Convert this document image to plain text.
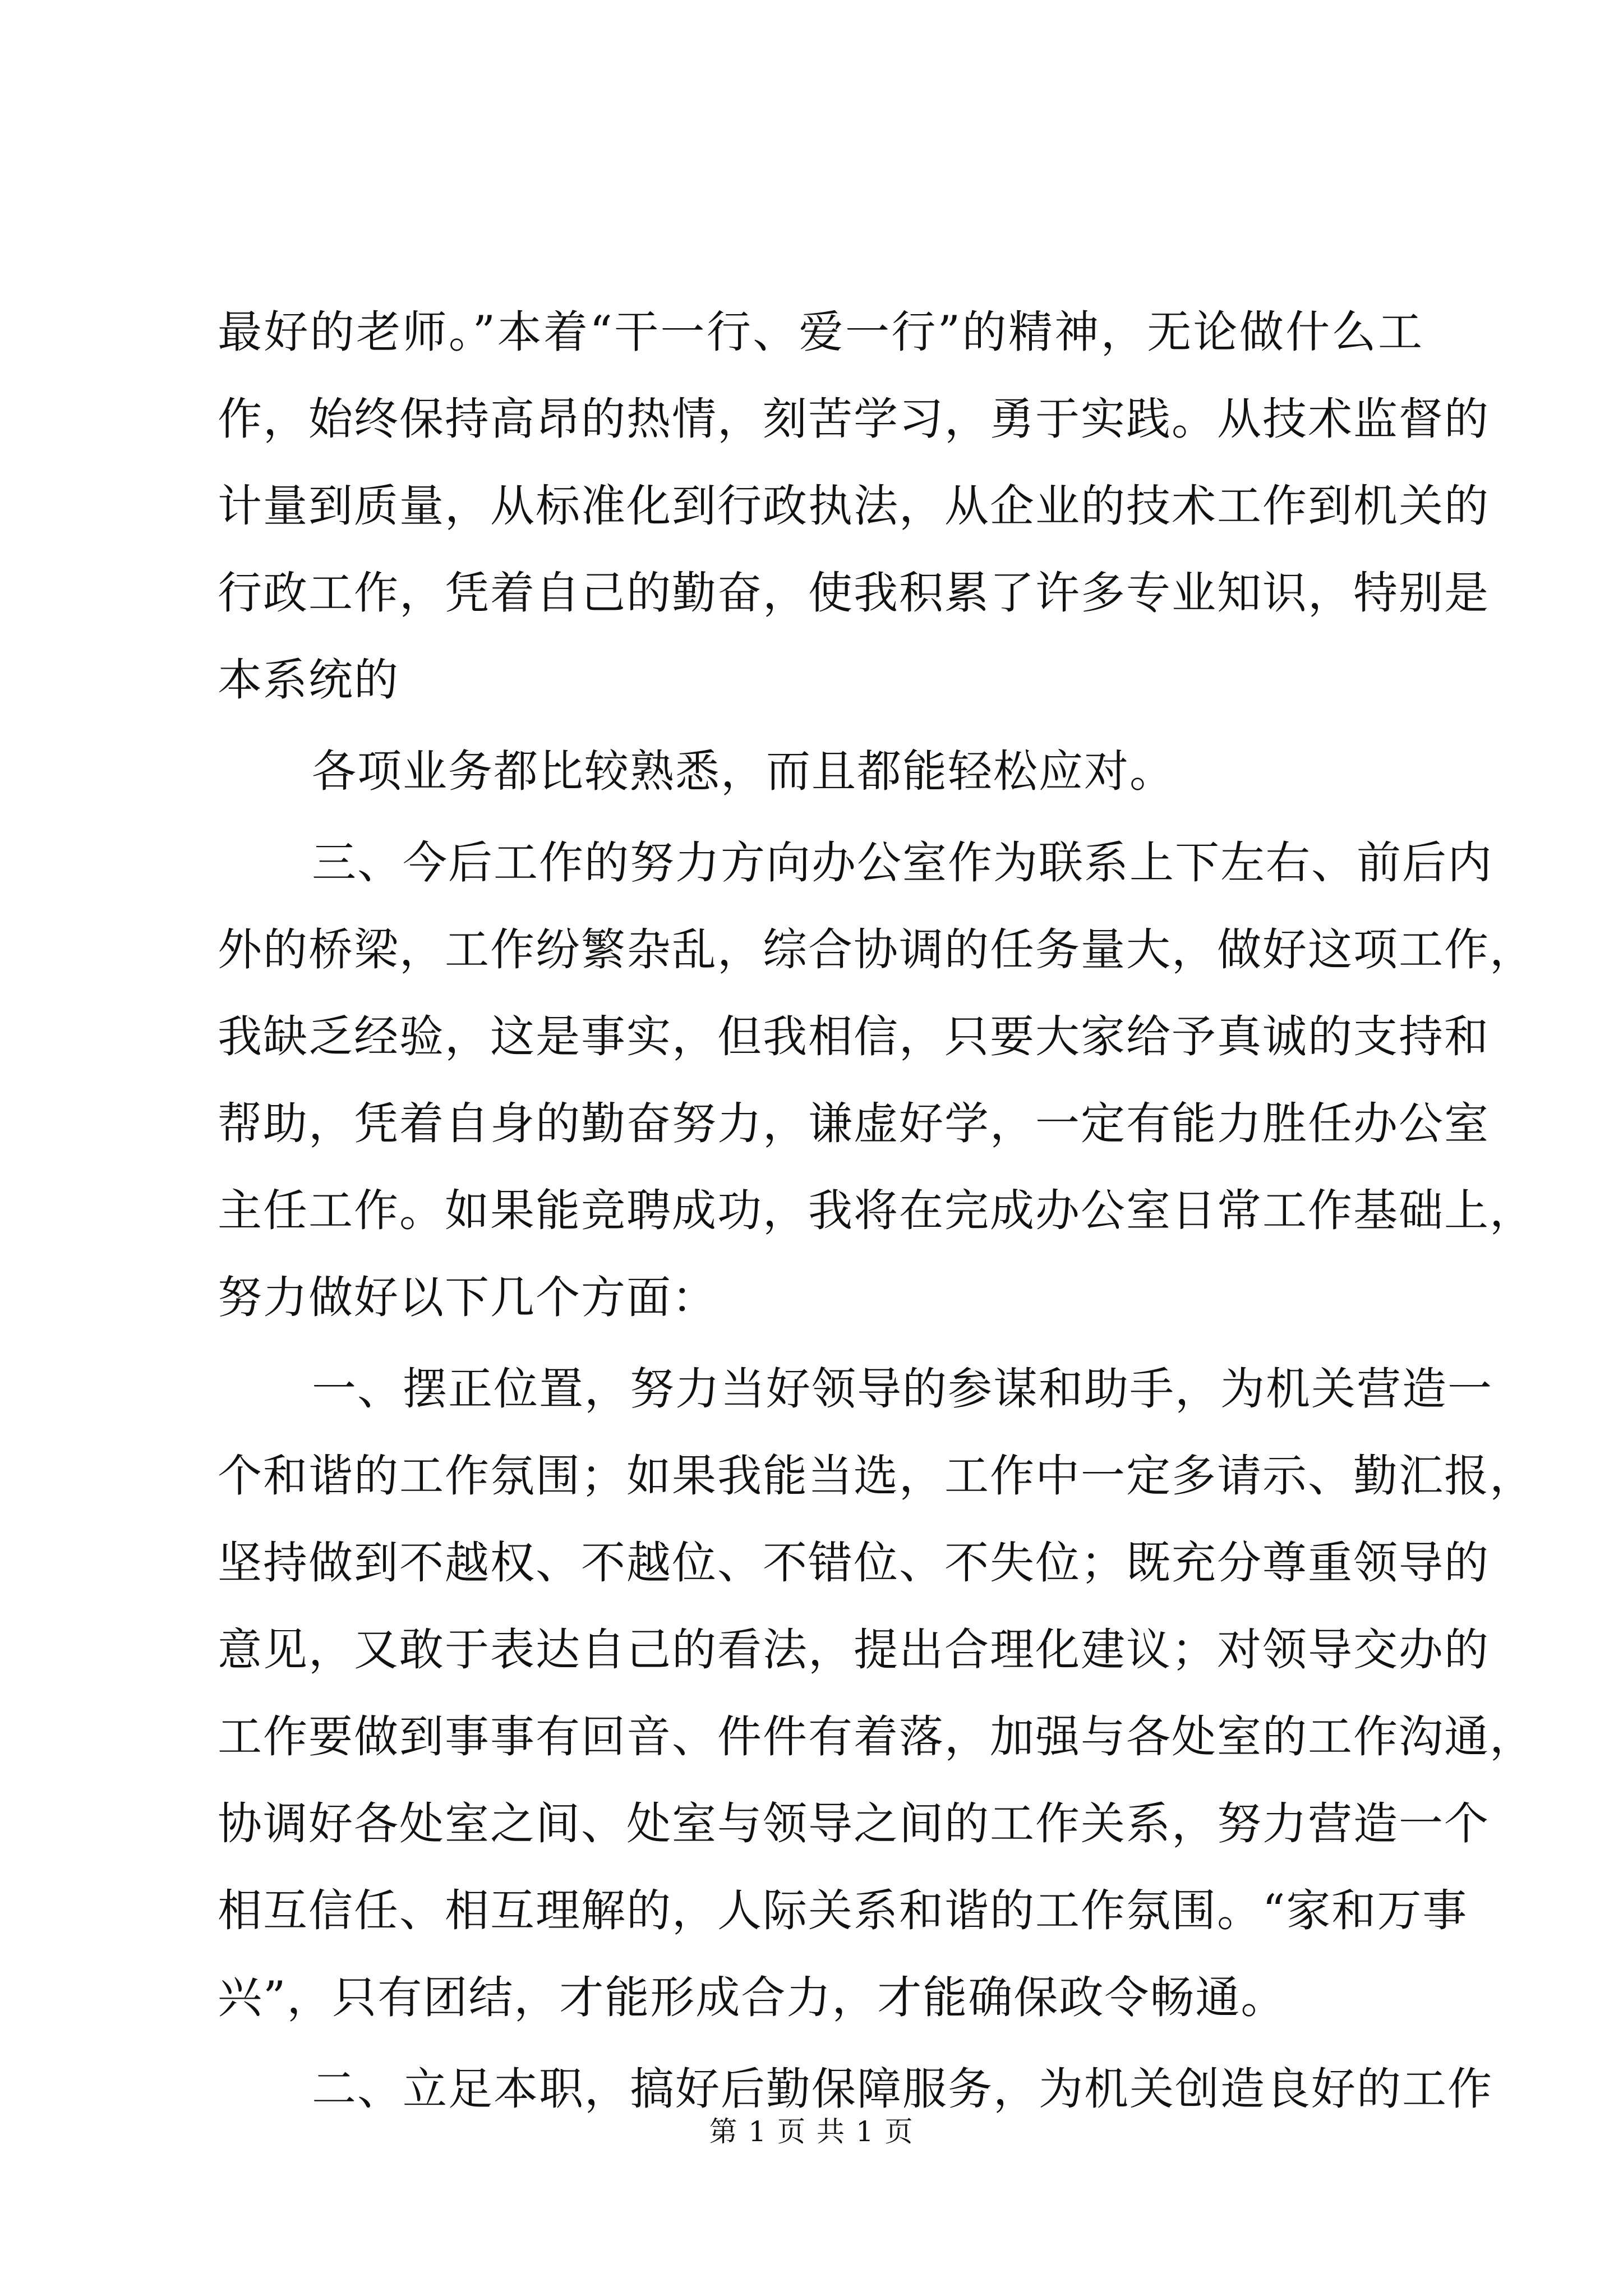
最好的老师。”本着“干一行、爱一行”的精神，无论做什么工
作，始终保持高昂的热情，刻苦学习，勇于实践。从技术监督的
计量到质量，从标准化到行政执法，从企业的技术工作到机关的
行政工作，凭着自己的勤奋，使我积累了许多专业知识，特别是
本系统的
各项业务都比较熟悉，而且都能轻松应对。
三、今后工作的努力方向办公室作为联系上下左右、前后内
外的桥梁，工作纷繁杂乱，综合协调的任务量大，做好这项工作，
我缺乏经验，这是事实，但我相信，只要大家给予真诚的支持和
帮助，凭着自身的勤奋努力，谦虚好学，一定有能力胜任办公室
主任工作。如果能竞聘成功，我将在完成办公室日常工作基础上，
努力做好以下几个方面：
一、摆正位置，努力当好领导的参谋和助手，为机关营造一
个和谐的工作氛围；如果我能当选，工作中一定多请示、勤汇报，
坚持做到不越权、不越位、不错位、不失位；既充分尊重领导的
意见，又敢于表达自己的看法，提出合理化建议；对领导交办的
工作要做到事事有回音、件件有着落，加强与各处室的工作沟通，
协调好各处室之间、处室与领导之间的工作关系，努力营造一个
相互信任、相互理解的，人际关系和谐的工作氛围。“家和万事
兴”，只有团结，才能形成合力，才能确保政令畅通。
二、立足本职，搞好后勤保障服务，为机关创造良好的工作
第 1 页 共 1 页
